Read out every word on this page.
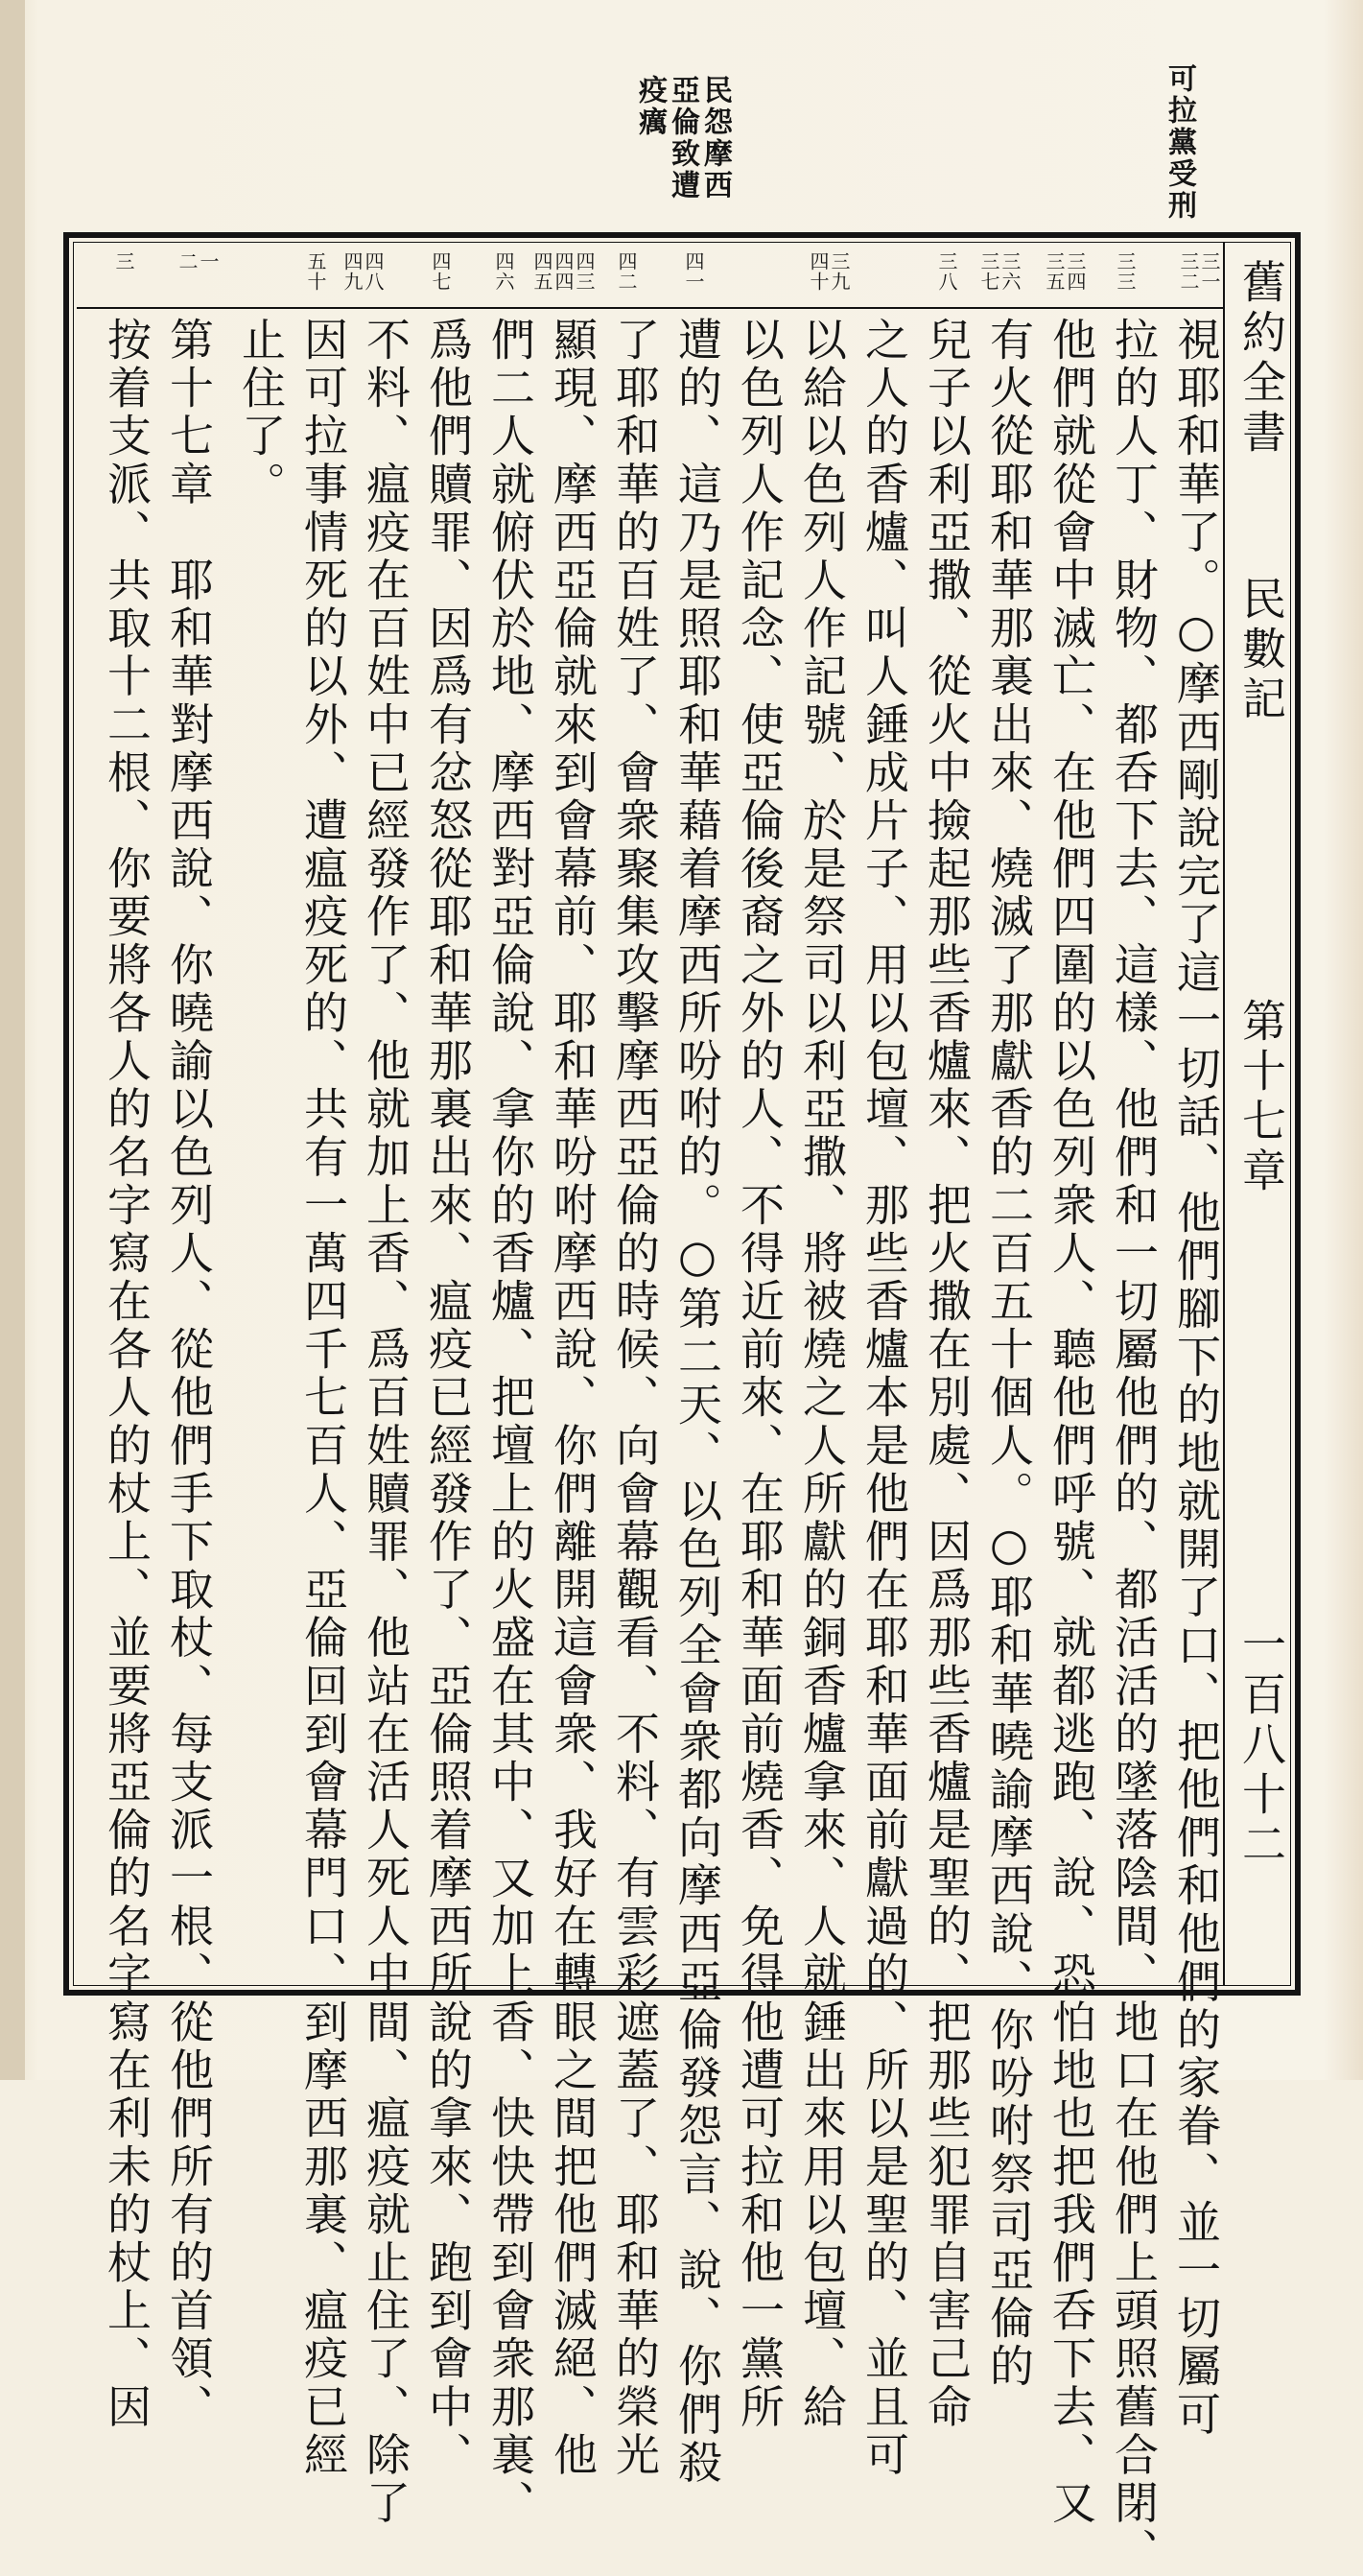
可拉黨受刑
民怨摩西亞倫致遭疫癘
舊約全書
民數記
第十七章
一百八十二
三一
三二
三三
三四
三五
三六
三七
三八
三九
四十
四一
四二
四三
四四
四五
四六
四七
四八
四九
五十
一
二
三
視耶和華了。○摩西剛說完了這一切話、他們腳下的地就開了口、把他們和他們的家眷、並一切屬可
拉的人丁、財物、都呑下去、這樣、他們和一切屬他們的、都活活的墜落陰間、地口在他們上頭照舊合閉、
他們就從會中滅亡、在他們四圍的以色列衆人、聽他們呼號、就都逃跑、說、恐怕地也把我們呑下去、又
有火從耶和華那裏出來、燒滅了那獻香的二百五十個人。○耶和華曉諭摩西說、你吩咐祭司亞倫的
兒子以利亞撒、從火中撿起那些香爐來、把火撒在別處、因爲那些香爐是聖的、把那些犯罪自害己命
之人的香爐、叫人錘成片子、用以包壇、那些香爐本是他們在耶和華面前獻過的、所以是聖的、並且可
以給以色列人作記號、於是祭司以利亞撒、將被燒之人所獻的銅香爐拿來、人就錘出來用以包壇、給
以色列人作記念、使亞倫後裔之外的人、不得近前來、在耶和華面前燒香、免得他遭可拉和他一黨所
遭的、這乃是照耶和華藉着摩西所吩咐的。○第二天、以色列全會衆都向摩西亞倫發怨言、說、你們殺
了耶和華的百姓了、會衆聚集攻擊摩西亞倫的時候、向會幕觀看、不料、有雲彩遮蓋了、耶和華的榮光
顯現、摩西亞倫就來到會幕前、耶和華吩咐摩西說、你們離開這會衆、我好在轉眼之間把他們滅絕、他
們二人就俯伏於地、摩西對亞倫說、拿你的香爐、把壇上的火盛在其中、又加上香、快快帶到會衆那裏、
爲他們贖罪、因爲有忿怒從耶和華那裏出來、瘟疫已經發作了、亞倫照着摩西所說的拿來、跑到會中、
不料、瘟疫在百姓中已經發作了、他就加上香、爲百姓贖罪、他站在活人死人中間、瘟疫就止住了、除了
因可拉事情死的以外、遭瘟疫死的、共有一萬四千七百人、亞倫回到會幕門口、到摩西那裏、瘟疫已經
止住了。
第十七章　耶和華對摩西說、你曉諭以色列人、從他們手下取杖、每支派一根、從他們所有的首領、
按着支派、共取十二根、你要將各人的名字寫在各人的杖上、並要將亞倫的名字寫在利未的杖上、因
